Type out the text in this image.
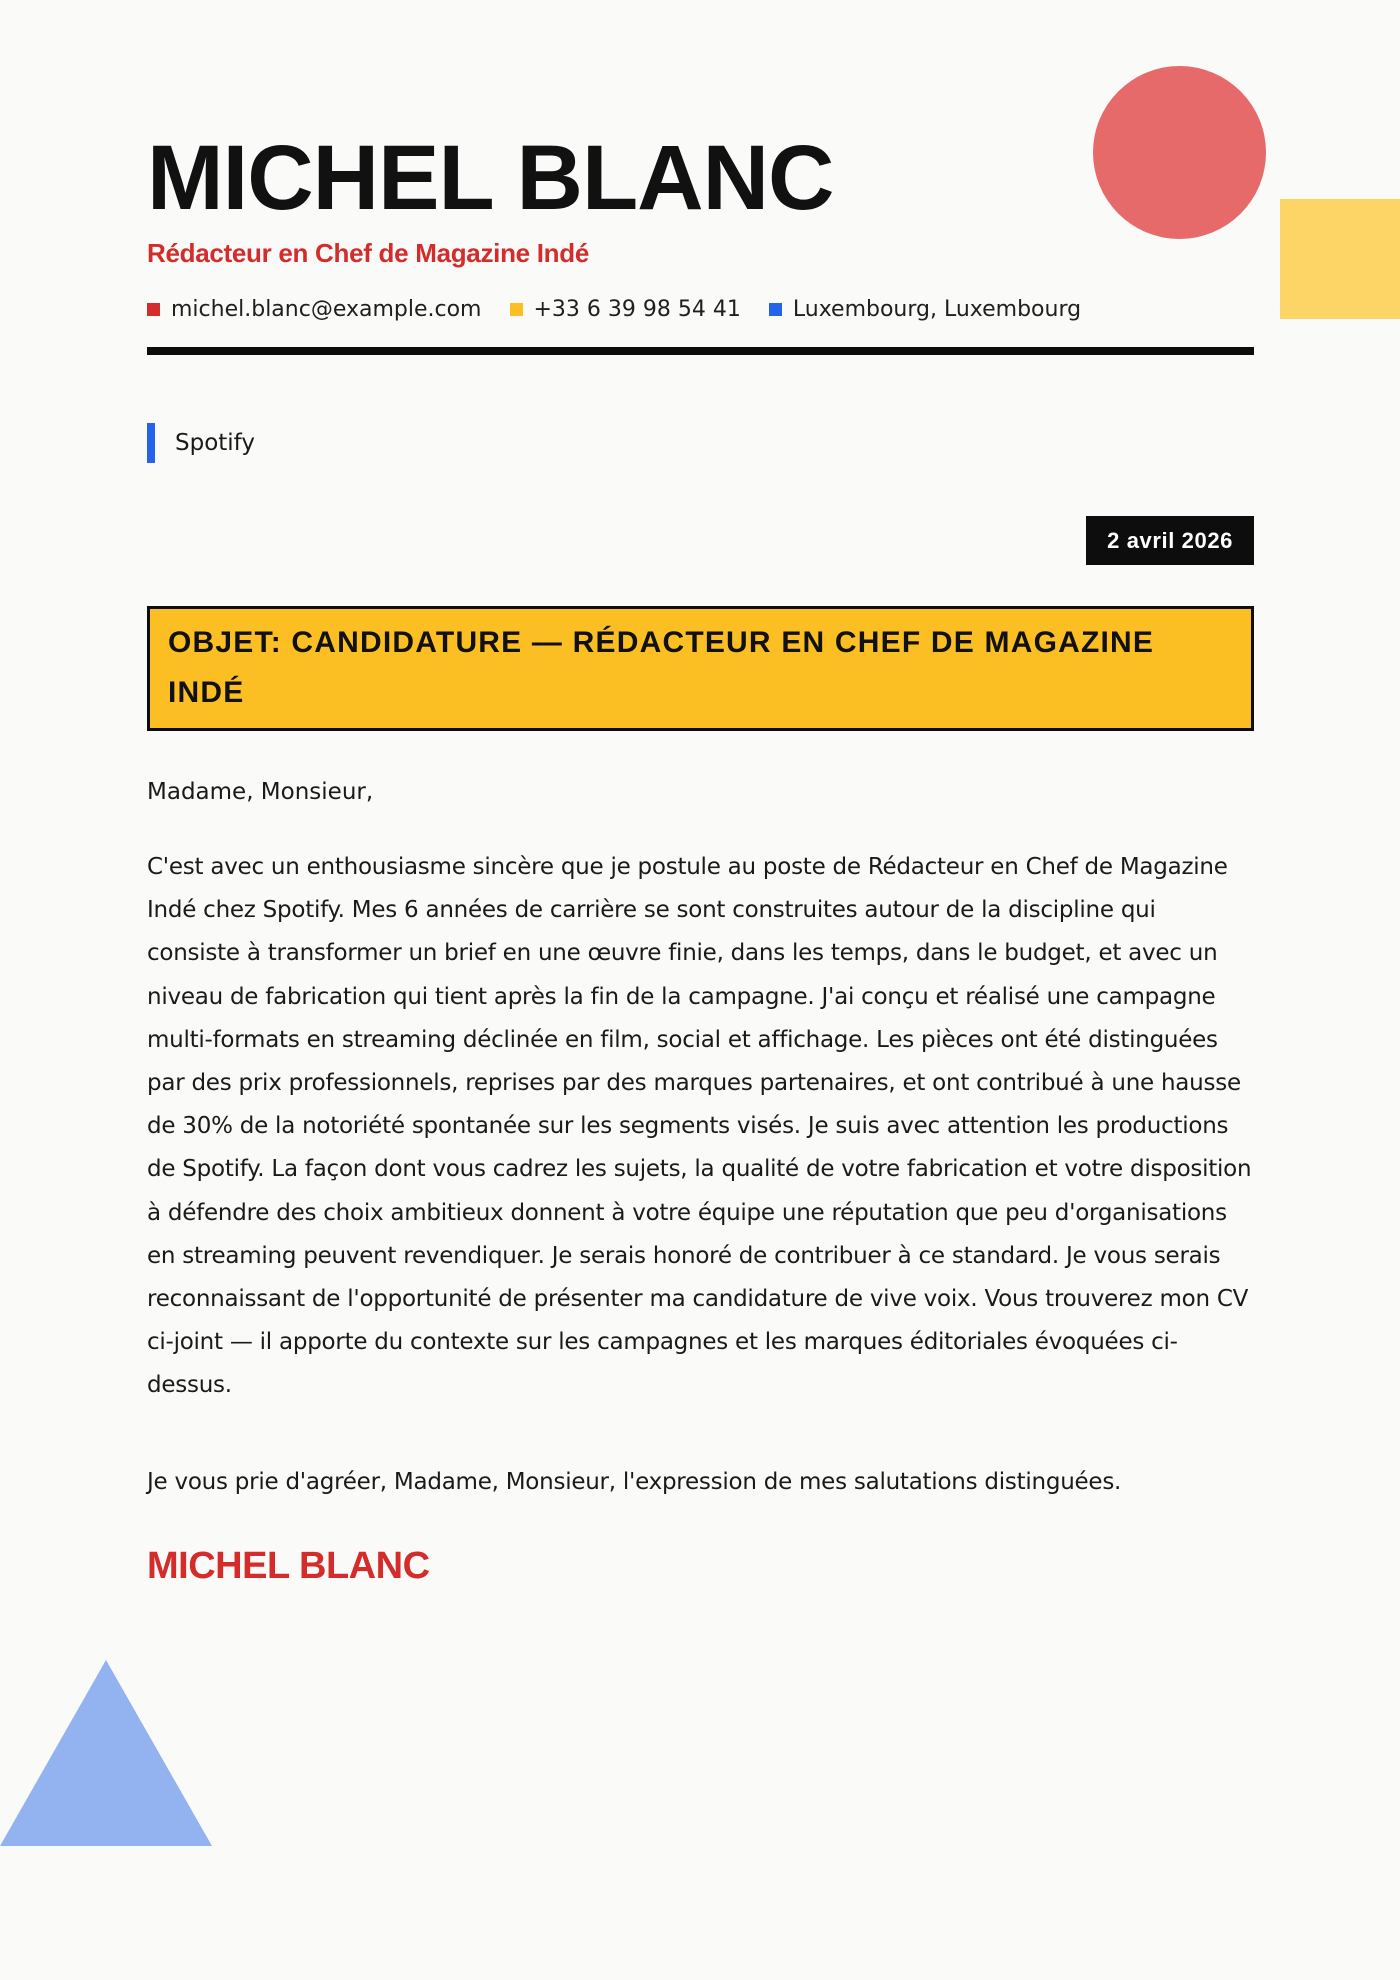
MICHEL BLANC
Rédacteur en Chef de Magazine Indé
michel.blanc@example.com +33 6 39 98 54 41 Luxembourg, Luxembourg
Spotify
2 avril 2026
OBJET: CANDIDATURE — RÉDACTEUR EN CHEF DE MAGAZINE INDÉ
Madame, Monsieur,

C'est avec un enthousiasme sincère que je postule au poste de Rédacteur en Chef de Magazine Indé chez Spotify. Mes 6 années de carrière se sont construites autour de la discipline qui consiste à transformer un brief en une œuvre finie, dans les temps, dans le budget, et avec un niveau de fabrication qui tient après la fin de la campagne. J'ai conçu et réalisé une campagne multi-formats en streaming déclinée en film, social et affichage. Les pièces ont été distinguées par des prix professionnels, reprises par des marques partenaires, et ont contribué à une hausse de 30% de la notoriété spontanée sur les segments visés. Je suis avec attention les productions de Spotify. La façon dont vous cadrez les sujets, la qualité de votre fabrication et votre disposition à défendre des choix ambitieux donnent à votre équipe une réputation que peu d'organisations en streaming peuvent revendiquer. Je serais honoré de contribuer à ce standard. Je vous serais reconnaissant de l'opportunité de présenter ma candidature de vive voix. Vous trouverez mon CV ci-joint — il apporte du contexte sur les campagnes et les marques éditoriales évoquées ci-dessus.

Je vous prie d'agréer, Madame, Monsieur, l'expression de mes salutations distinguées.
MICHEL BLANC
